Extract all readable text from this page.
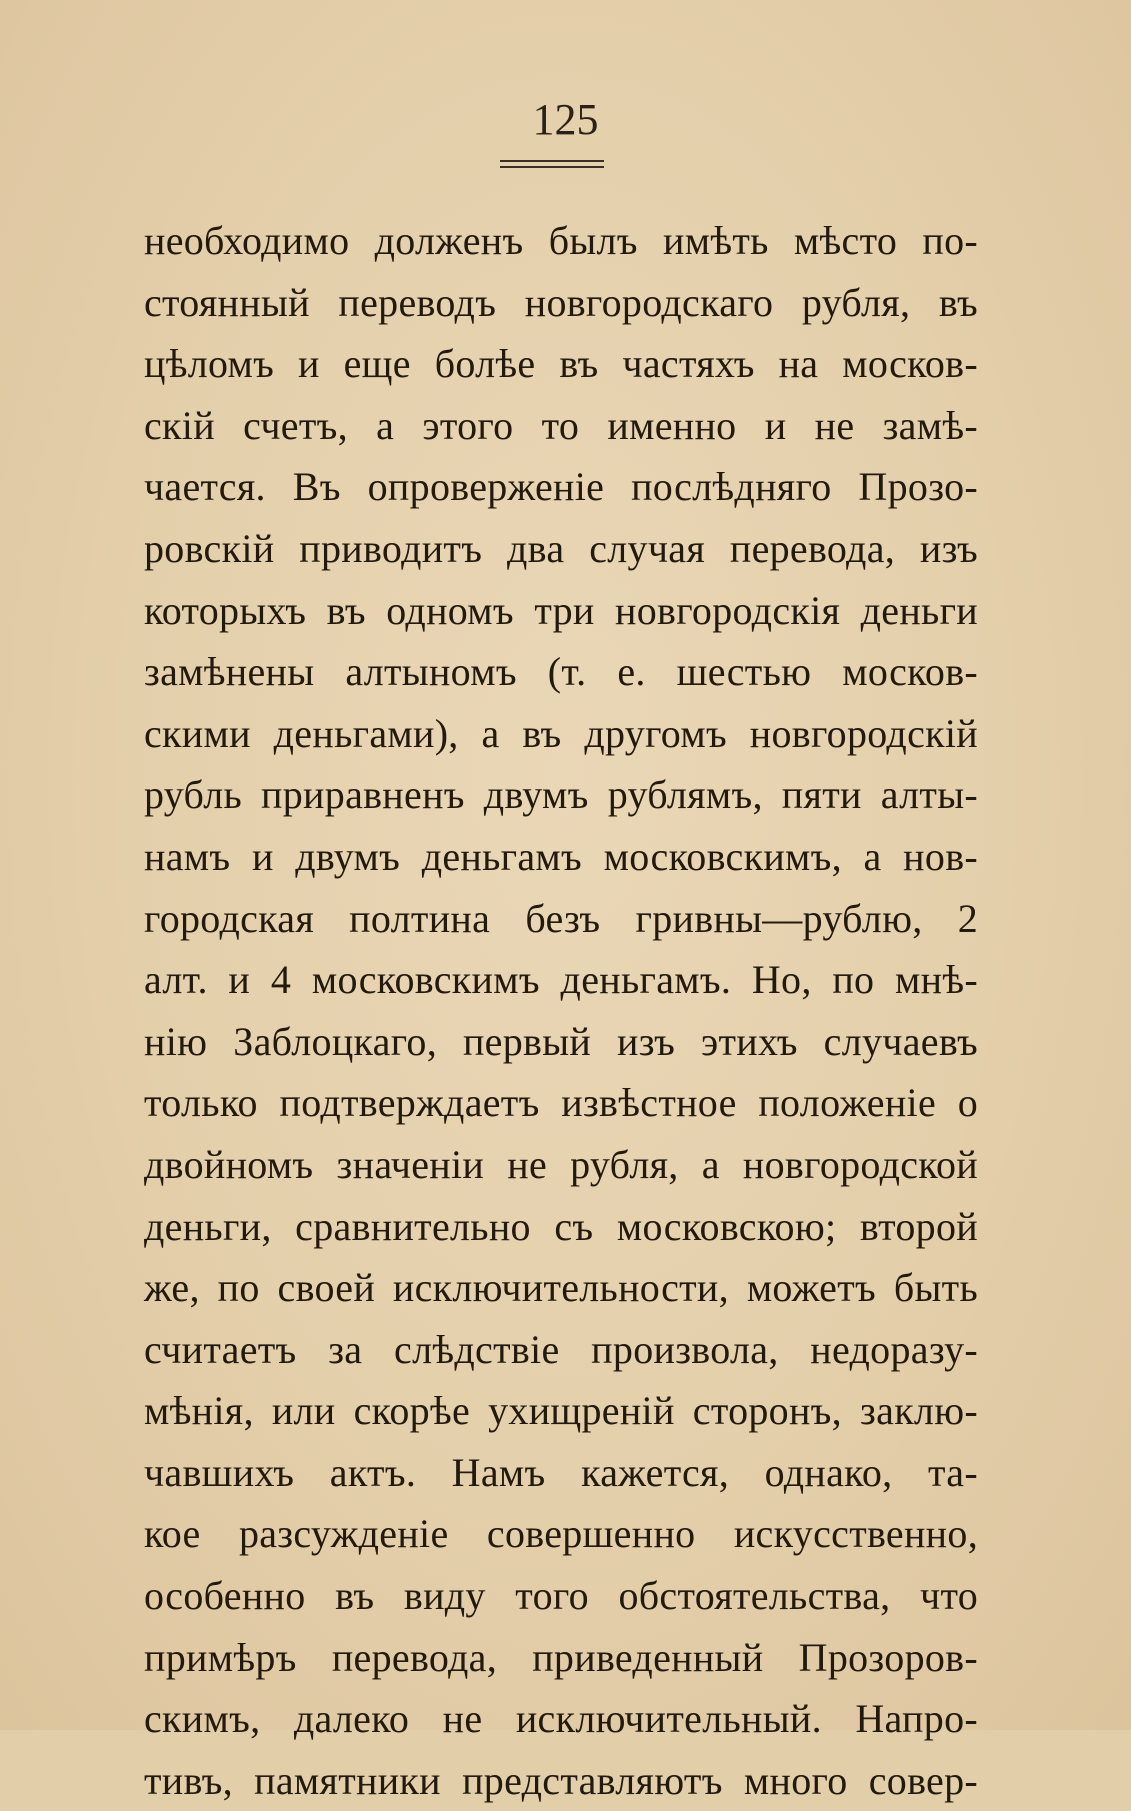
125
необходимо долженъ былъ имѣть мѣсто по-
стоянный переводъ новгородскаго рубля, въ
цѣломъ и еще болѣе въ частяхъ на москов-
скій счетъ, а этого то именно и не замѣ-
чается. Въ опроверженіе послѣдняго Прозо-
ровскій приводитъ два случая перевода, изъ
которыхъ въ одномъ три новгородскія деньги
замѣнены алтыномъ (т. е. шестью москов-
скими деньгами), а въ другомъ новгородскій
рубль приравненъ двумъ рублямъ, пяти алты-
намъ и двумъ деньгамъ московскимъ, а нов-
городская полтина безъ гривны—рублю, 2
алт. и 4 московскимъ деньгамъ. Но, по мнѣ-
нію Заблоцкаго, первый изъ этихъ случаевъ
только подтверждаетъ извѣстное положеніе о
двойномъ значеніи не рубля, а новгородской
деньги, сравнительно съ московскою; второй
же, по своей исключительности, можетъ быть
считаетъ за слѣдствіе произвола, недоразу-
мѣнія, или скорѣе ухищреній сторонъ, заклю-
чавшихъ актъ. Намъ кажется, однако, та-
кое разсужденіе совершенно искусственно,
особенно въ виду того обстоятельства, что
примѣръ перевода, приведенный Прозоров-
скимъ, далеко не исключительный. Напро-
тивъ, памятники представляютъ много совер-
